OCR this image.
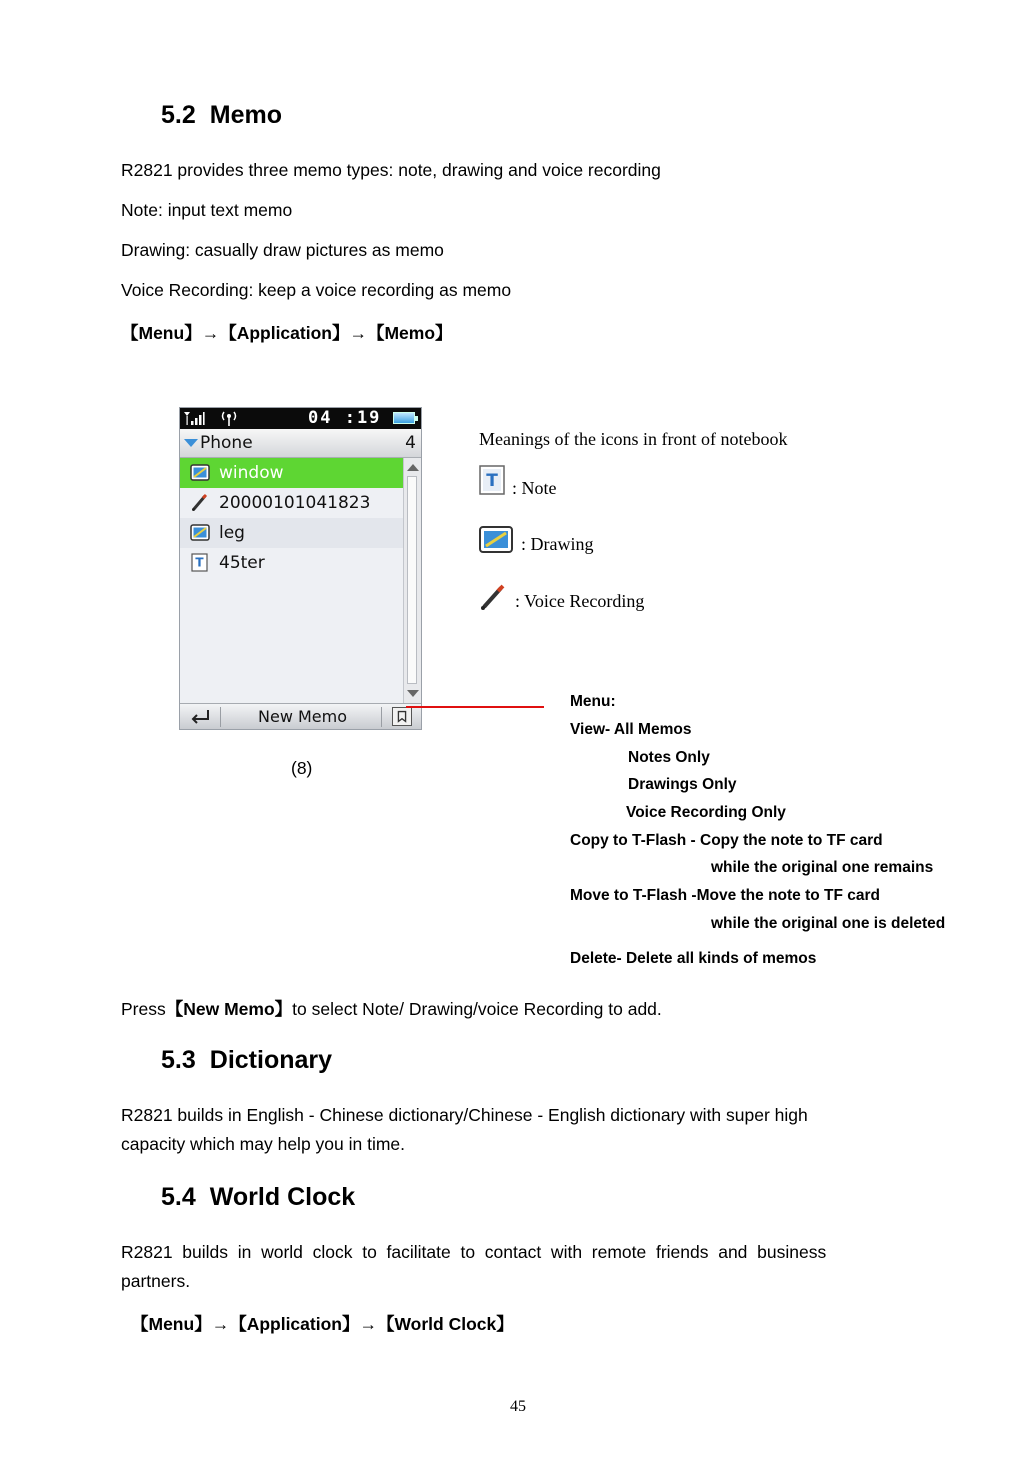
5.2 Memo
R2821 provides three memo types: note, drawing and voice recording
Note: input text memo
Drawing: casually draw pictures as memo
Voice Recording: keep a voice recording as memo
【Menu】→【Application】→【Memo】
04 :19
Phone	4
window
20000101041823
leg
T 45ter
New Memo
(8)
Meanings of the icons in front of notebook
T : Note
: Drawing
: Voice Recording
Menu:
View- All Memos
Notes Only
Drawings Only
Voice Recording Only
Copy to T-Flash - Copy the note to TF card
while the original one remains
Move to T-Flash -Move the note to TF card
while the original one is deleted
Delete- Delete all kinds of memos
Press【New Memo】to select Note/ Drawing/voice Recording to add.
5.3 Dictionary
R2821 builds in English - Chinese dictionary/Chinese - English dictionary with super high
capacity which may help you in time.
5.4 World Clock
R2821  builds  in  world  clock  to  facilitate  to  contact  with  remote  friends  and  business
partners.
【Menu】→【Application】→【World Clock】
45
